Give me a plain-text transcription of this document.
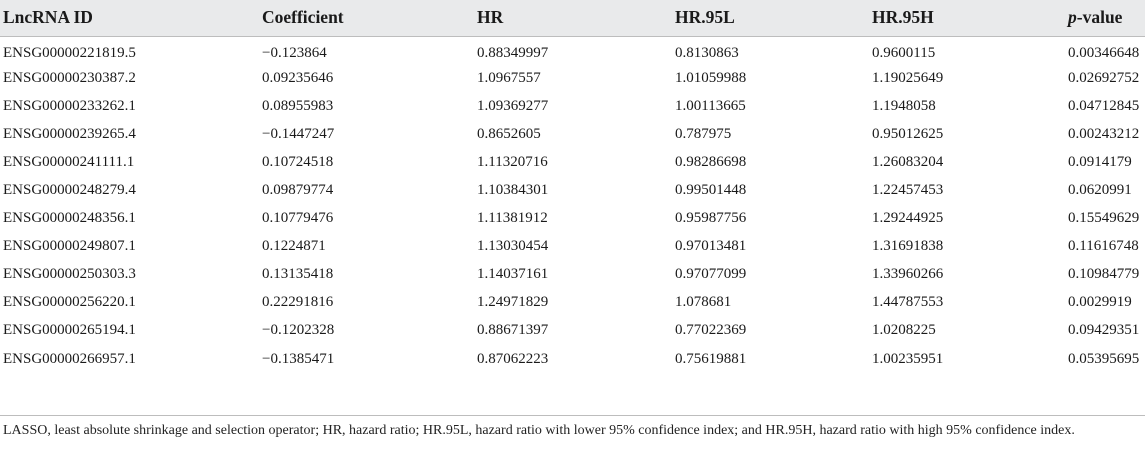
LncRNA ID	Coefficient	HR	HR.95L	HR.95H	p-value
ENSG00000221819.5	−0.123864	0.88349997	0.8130863	0.9600115	0.00346648
ENSG00000230387.2	0.09235646	1.0967557	1.01059988	1.19025649	0.02692752
ENSG00000233262.1	0.08955983	1.09369277	1.00113665	1.1948058	0.04712845
ENSG00000239265.4	−0.1447247	0.8652605	0.787975	0.95012625	0.00243212
ENSG00000241111.1	0.10724518	1.11320716	0.98286698	1.26083204	0.0914179
ENSG00000248279.4	0.09879774	1.10384301	0.99501448	1.22457453	0.0620991
ENSG00000248356.1	0.10779476	1.11381912	0.95987756	1.29244925	0.15549629
ENSG00000249807.1	0.1224871	1.13030454	0.97013481	1.31691838	0.11616748
ENSG00000250303.3	0.13135418	1.14037161	0.97077099	1.33960266	0.10984779
ENSG00000256220.1	0.22291816	1.24971829	1.078681	1.44787553	0.0029919
ENSG00000265194.1	−0.1202328	0.88671397	0.77022369	1.0208225	0.09429351
ENSG00000266957.1	−0.1385471	0.87062223	0.75619881	1.00235951	0.05395695
LASSO, least absolute shrinkage and selection operator; HR, hazard ratio; HR.95L, hazard ratio with lower 95% confidence index; and HR.95H, hazard ratio with high 95% confidence index.
